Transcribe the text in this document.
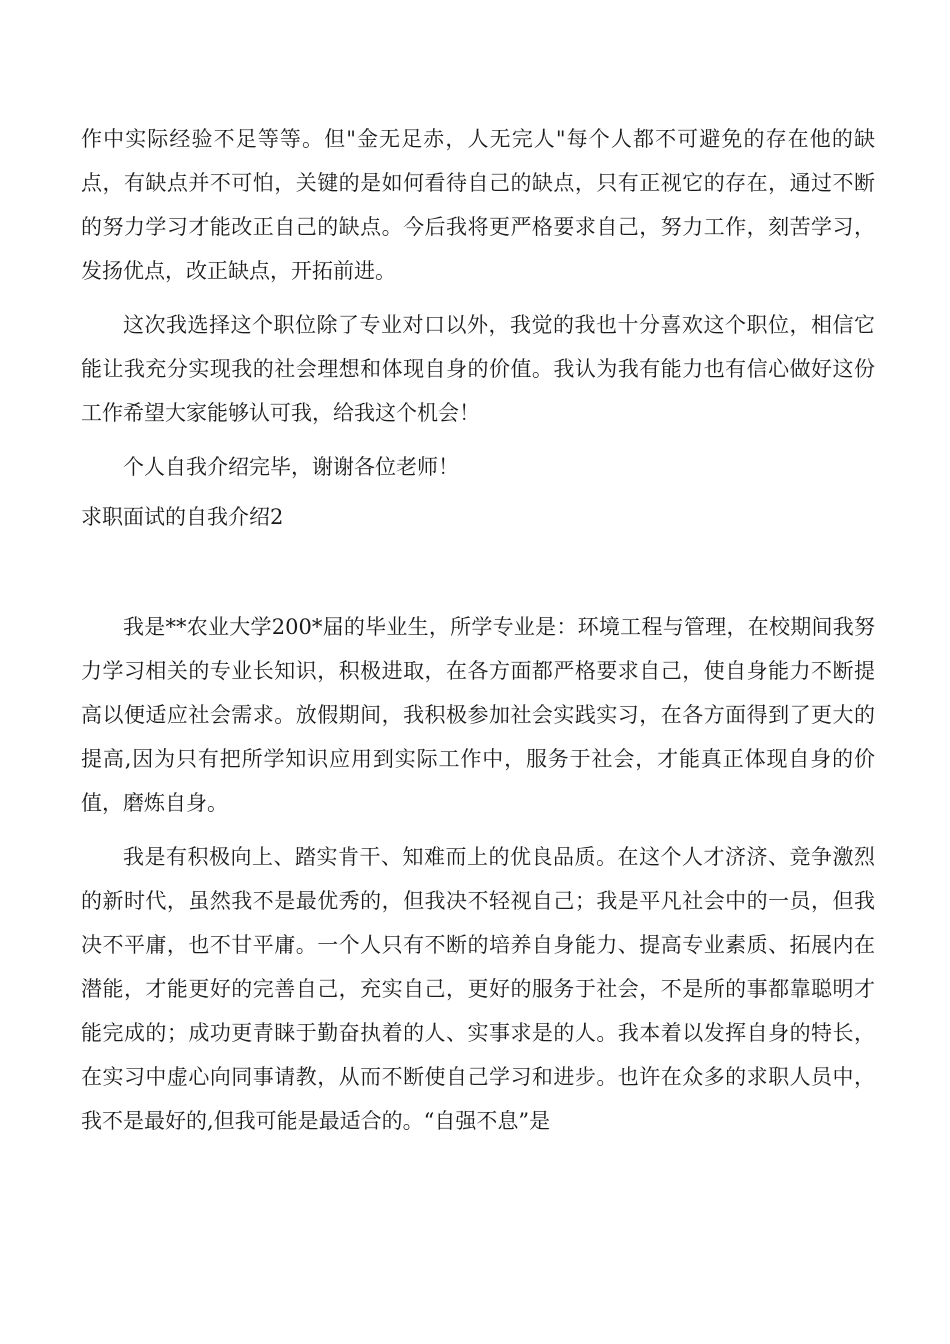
作中实际经验不足等等。但"金无足赤，人无完人"每个人都不可避免的存在他的缺点，有缺点并不可怕，关键的是如何看待自己的缺点，只有正视它的存在，通过不断的努力学习才能改正自己的缺点。今后我将更严格要求自己，努力工作，刻苦学习，发扬优点，改正缺点，开拓前进。

这次我选择这个职位除了专业对口以外，我觉的我也十分喜欢这个职位，相信它能让我充分实现我的社会理想和体现自身的价值。我认为我有能力也有信心做好这份工作希望大家能够认可我，给我这个机会！

个人自我介绍完毕，谢谢各位老师！

求职面试的自我介绍2

我是**农业大学200*届的毕业生，所学专业是：环境工程与管理，在校期间我努力学习相关的专业长知识，积极进取，在各方面都严格要求自己，使自身能力不断提高以便适应社会需求。放假期间，我积极参加社会实践实习，在各方面得到了更大的提高,因为只有把所学知识应用到实际工作中，服务于社会，才能真正体现自身的价值，磨炼自身。

我是有积极向上、踏实肯干、知难而上的优良品质。在这个人才济济、竞争激烈的新时代，虽然我不是最优秀的，但我决不轻视自己；我是平凡社会中的一员，但我决不平庸，也不甘平庸。一个人只有不断的培养自身能力、提高专业素质、拓展内在潜能，才能更好的完善自己，充实自己，更好的服务于社会，不是所的事都靠聪明才能完成的；成功更青睐于勤奋执着的人、实事求是的人。我本着以发挥自身的特长，在实习中虚心向同事请教，从而不断使自己学习和进步。也许在众多的求职人员中，我不是最好的,但我可能是最适合的。“自强不息”是
